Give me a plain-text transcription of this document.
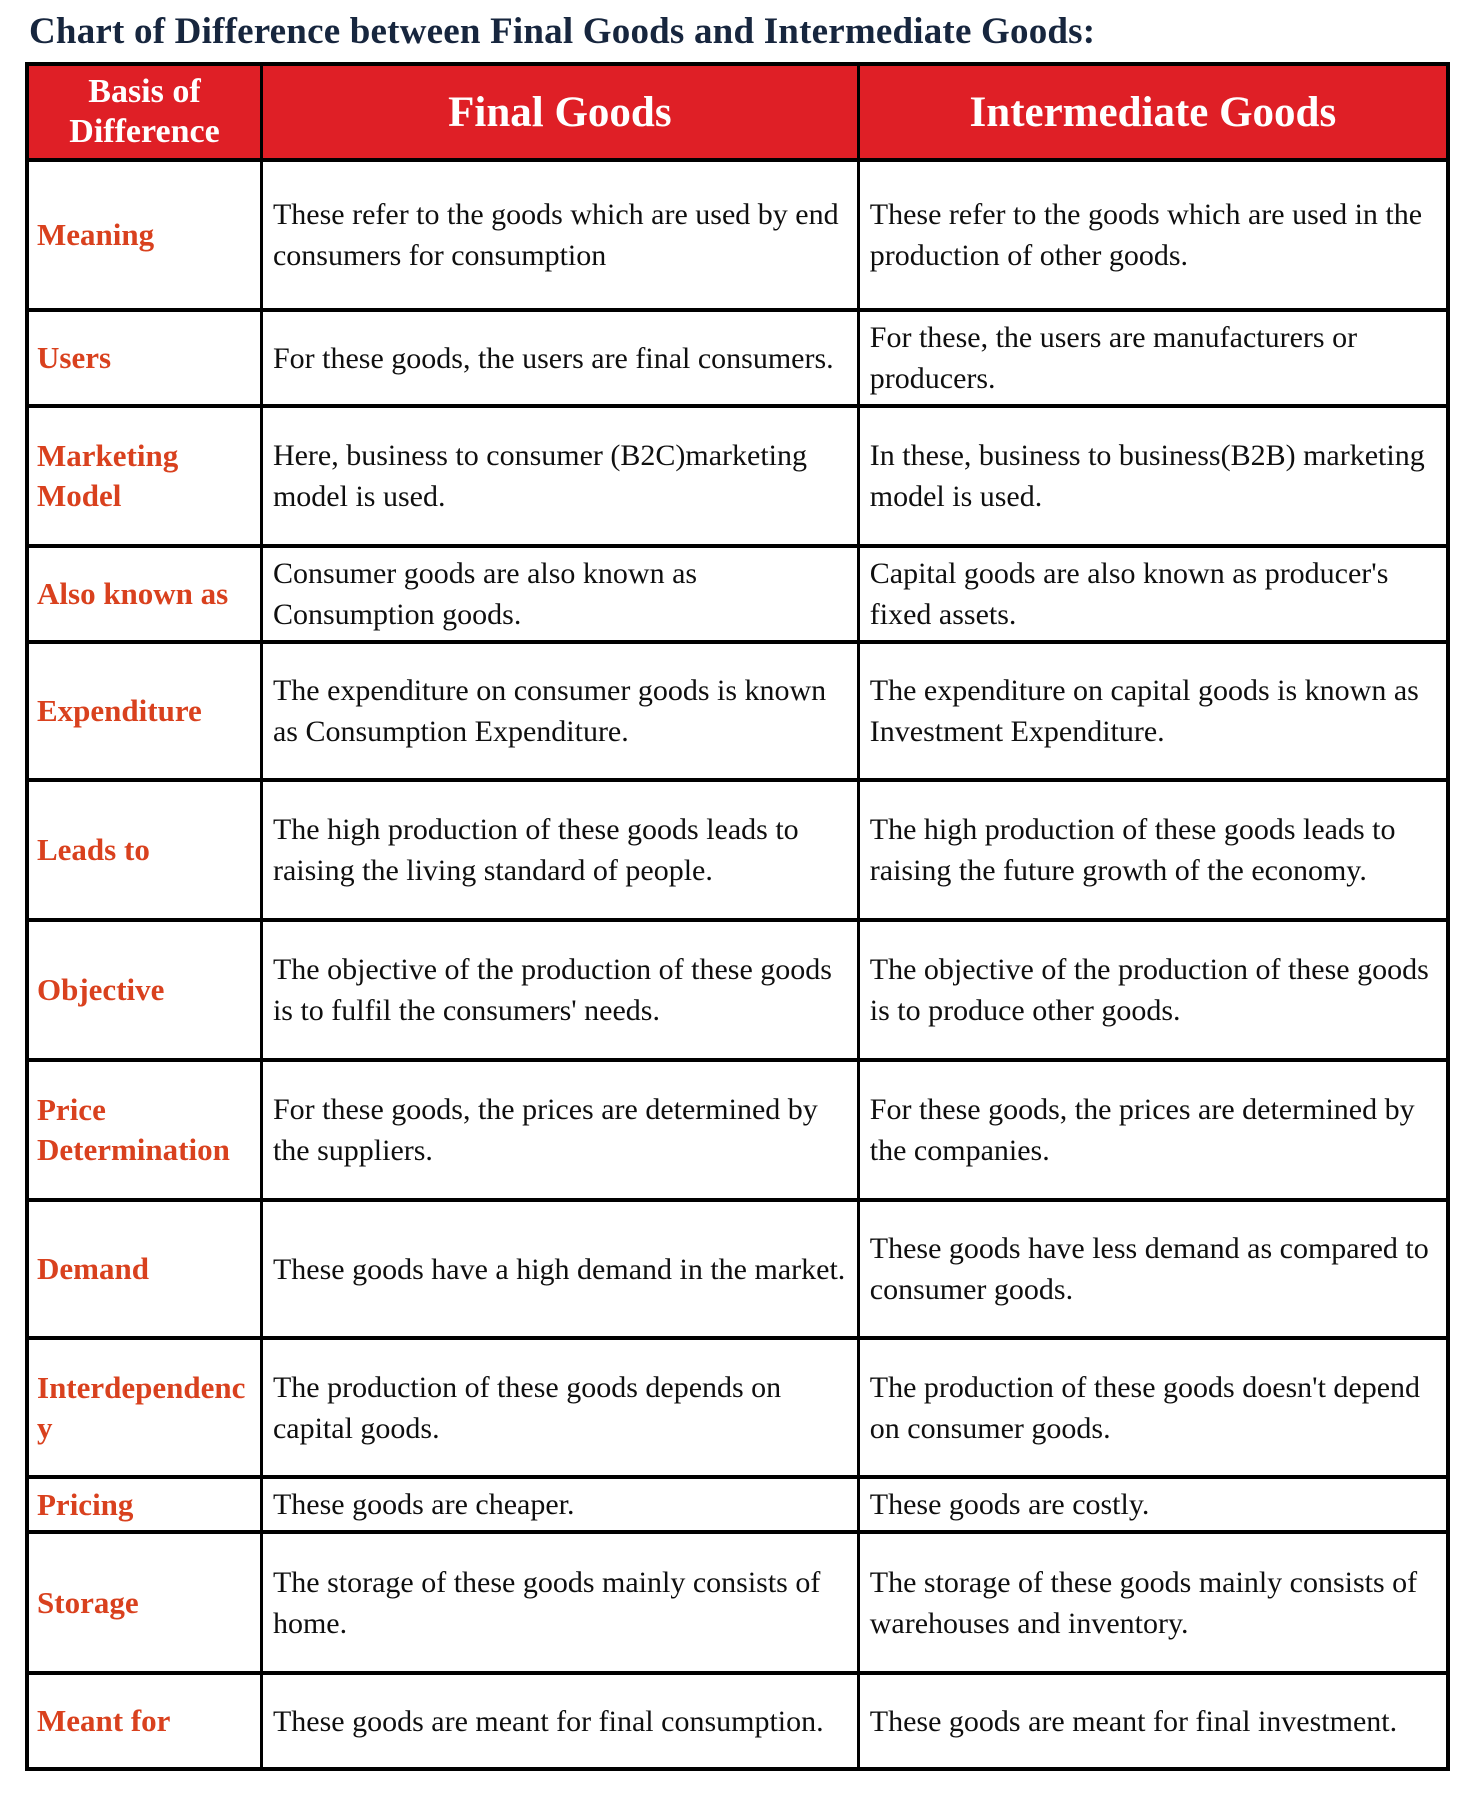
Chart of Difference between Final Goods and Intermediate Goods:
Basis of Difference	Final Goods	Intermediate Goods
Meaning	These refer to the goods which are used by end consumers for consumption	These refer to the goods which are used in the production of other goods.
Users	For these goods, the users are final consumers.	For these, the users are manufacturers or producers.
Marketing Model	Here, business to consumer (B2C)marketing model is used.	In these, business to business(B2B) marketing model is used.
Also known as	Consumer goods are also known as Consumption goods.	Capital goods are also known as producer's fixed assets.
Expenditure	The expenditure on consumer goods is known as Consumption Expenditure.	The expenditure on capital goods is known as Investment Expenditure.
Leads to	The high production of these goods leads to raising the living standard of people.	The high production of these goods leads to raising the future growth of the economy.
Objective	The objective of the production of these goods is to fulfil the consumers' needs.	The objective of the production of these goods is to produce other goods.
Price Determination	For these goods, the prices are determined by the suppliers.	For these goods, the prices are determined by the companies.
Demand	These goods have a high demand in the market.	These goods have less demand as compared to consumer goods.
Interdependency	The production of these goods depends on capital goods.	The production of these goods doesn't depend on consumer goods.
Pricing	These goods are cheaper.	These goods are costly.
Storage	The storage of these goods mainly consists of home.	The storage of these goods mainly consists of warehouses and inventory.
Meant for	These goods are meant for final consumption.	These goods are meant for final investment.
